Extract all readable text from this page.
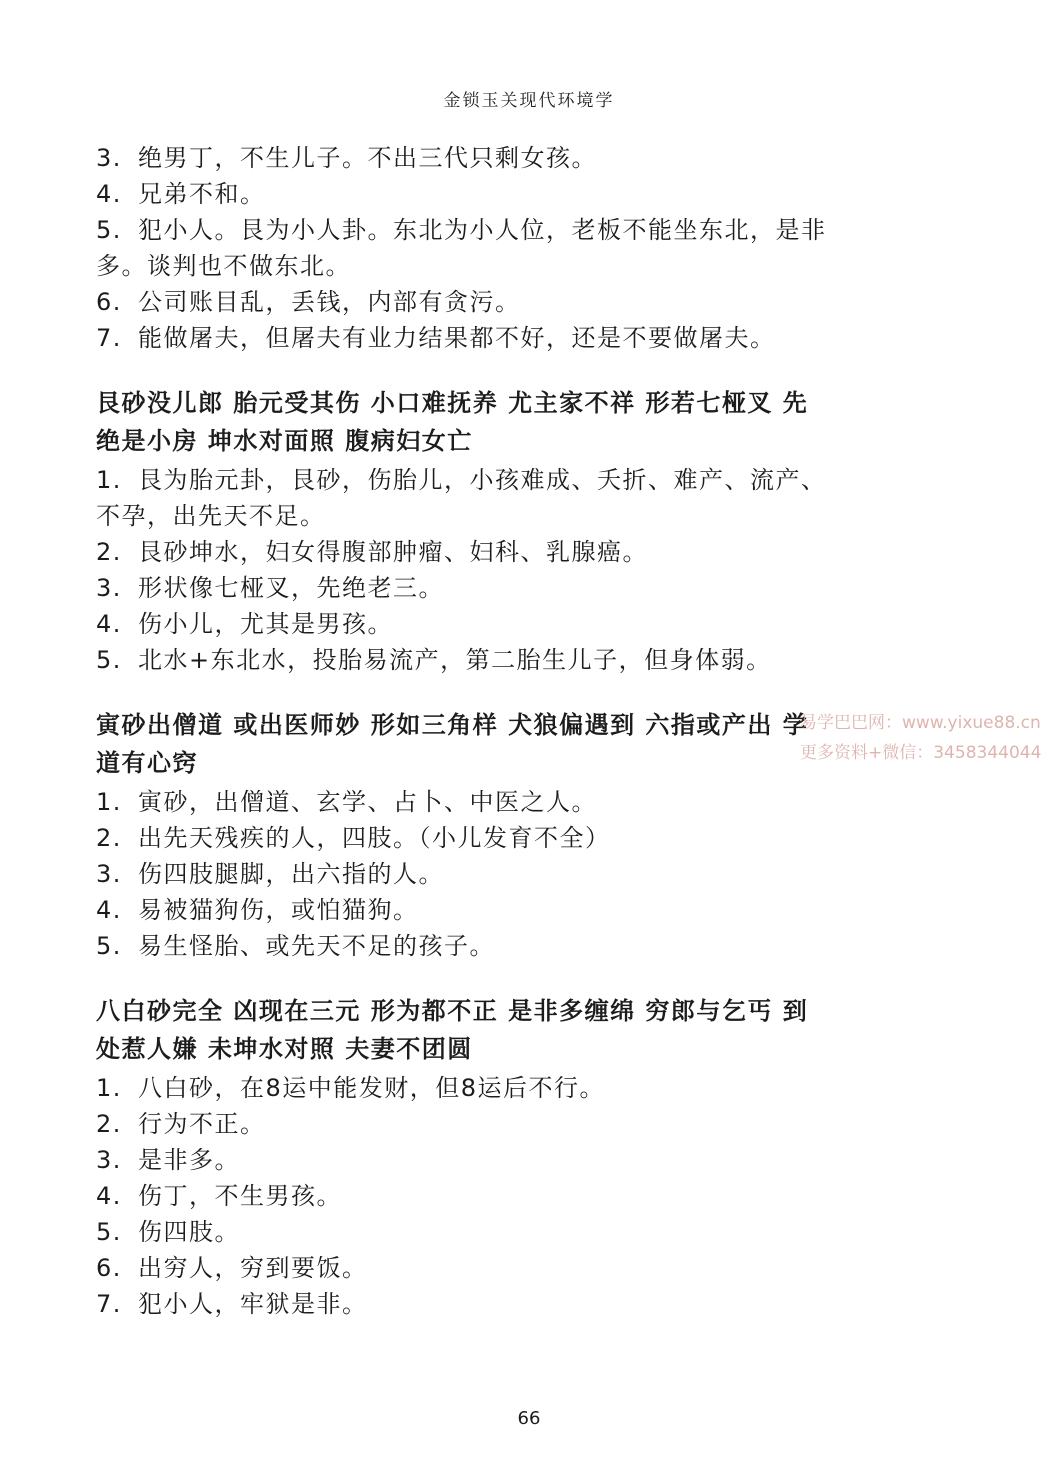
金锁玉关现代环境学
3. 绝男丁，不生儿子。不出三代只剩女孩。
4. 兄弟不和。
5. 犯小人。艮为小人卦。东北为小人位，老板不能坐东北，是非
多。谈判也不做东北。
6. 公司账目乱，丢钱，内部有贪污。
7. 能做屠夫，但屠夫有业力结果都不好，还是不要做屠夫。
艮砂没儿郎 胎元受其伤 小口难抚养 尤主家不祥 形若七桠叉 先
绝是小房 坤水对面照 腹病妇女亡
1. 艮为胎元卦，艮砂，伤胎儿，小孩难成、夭折、难产、流产、
不孕，出先天不足。
2. 艮砂坤水，妇女得腹部肿瘤、妇科、乳腺癌。
3. 形状像七桠叉，先绝老三。
4. 伤小儿，尤其是男孩。
5. 北水+东北水，投胎易流产，第二胎生儿子，但身体弱。
寅砂出僧道 或出医师妙 形如三角样 犬狼偏遇到 六指或产出 学
道有心窍
1. 寅砂，出僧道、玄学、占卜、中医之人。
2. 出先天残疾的人，四肢。（小儿发育不全）
3. 伤四肢腿脚，出六指的人。
4. 易被猫狗伤，或怕猫狗。
5. 易生怪胎、或先天不足的孩子。
八白砂完全 凶现在三元 形为都不正 是非多缠绵 穷郎与乞丐 到
处惹人嫌 未坤水对照 夫妻不团圆
1. 八白砂，在8运中能发财，但8运后不行。
2. 行为不正。
3. 是非多。
4. 伤丁，不生男孩。
5. 伤四肢。
6. 出穷人，穷到要饭。
7. 犯小人，牢狱是非。
易学巴巴网：www.yixue88.cn
更多资料+微信：3458344044
66
